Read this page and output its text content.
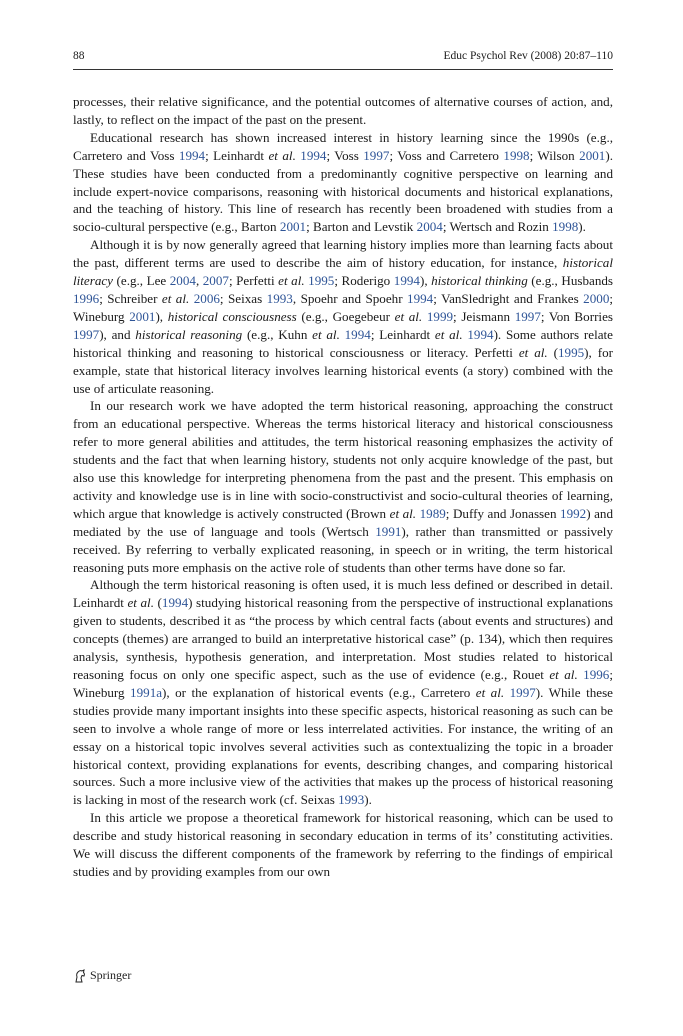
88	Educ Psychol Rev (2008) 20:87–110

processes, their relative significance, and the potential outcomes of alternative courses of action, and, lastly, to reflect on the impact of the past on the present.

Educational research has shown increased interest in history learning since the 1990s (e.g., Carretero and Voss 1994; Leinhardt et al. 1994; Voss 1997; Voss and Carretero 1998; Wilson 2001). These studies have been conducted from a predominantly cognitive perspective on learning and include expert-novice comparisons, reasoning with historical documents and historical explanations, and the teaching of history. This line of research has recently been broadened with studies from a socio-cultural perspective (e.g., Barton 2001; Barton and Levstik 2004; Wertsch and Rozin 1998).

Although it is by now generally agreed that learning history implies more than learning facts about the past, different terms are used to describe the aim of history education, for instance, historical literacy (e.g., Lee 2004, 2007; Perfetti et al. 1995; Roderigo 1994), historical thinking (e.g., Husbands 1996; Schreiber et al. 2006; Seixas 1993, Spoehr and Spoehr 1994; VanSledright and Frankes 2000; Wineburg 2001), historical consciousness (e.g., Goegebeur et al. 1999; Jeismann 1997; Von Borries 1997), and historical reasoning (e.g., Kuhn et al. 1994; Leinhardt et al. 1994). Some authors relate historical thinking and reasoning to historical consciousness or literacy. Perfetti et al. (1995), for example, state that historical literacy involves learning historical events (a story) combined with the use of articulate reasoning.

In our research work we have adopted the term historical reasoning, approaching the construct from an educational perspective. Whereas the terms historical literacy and historical consciousness refer to more general abilities and attitudes, the term historical reasoning emphasizes the activity of students and the fact that when learning history, students not only acquire knowledge of the past, but also use this knowledge for interpreting phenomena from the past and the present. This emphasis on activity and knowledge use is in line with socio-constructivist and socio-cultural theories of learning, which argue that knowledge is actively constructed (Brown et al. 1989; Duffy and Jonassen 1992) and mediated by the use of language and tools (Wertsch 1991), rather than transmitted or passively received. By referring to verbally explicated reasoning, in speech or in writing, the term historical reasoning puts more emphasis on the active role of students than other terms have done so far.

Although the term historical reasoning is often used, it is much less defined or described in detail. Leinhardt et al. (1994) studying historical reasoning from the perspective of instructional explanations given to students, described it as “the process by which central facts (about events and structures) and concepts (themes) are arranged to build an interpretative historical case” (p. 134), which then requires analysis, synthesis, hypothesis generation, and interpretation. Most studies related to historical reasoning focus on only one specific aspect, such as the use of evidence (e.g., Rouet et al. 1996; Wineburg 1991a), or the explanation of historical events (e.g., Carretero et al. 1997). While these studies provide many important insights into these specific aspects, historical reasoning as such can be seen to involve a whole range of more or less interrelated activities. For instance, the writing of an essay on a historical topic involves several activities such as contextualizing the topic in a broader historical context, providing explanations for events, describing changes, and comparing historical sources. Such a more inclusive view of the activities that makes up the process of historical reasoning is lacking in most of the research work (cf. Seixas 1993).

In this article we propose a theoretical framework for historical reasoning, which can be used to describe and study historical reasoning in secondary education in terms of its’ constituting activities. We will discuss the different components of the framework by referring to the findings of empirical studies and by providing examples from our own

Springer
